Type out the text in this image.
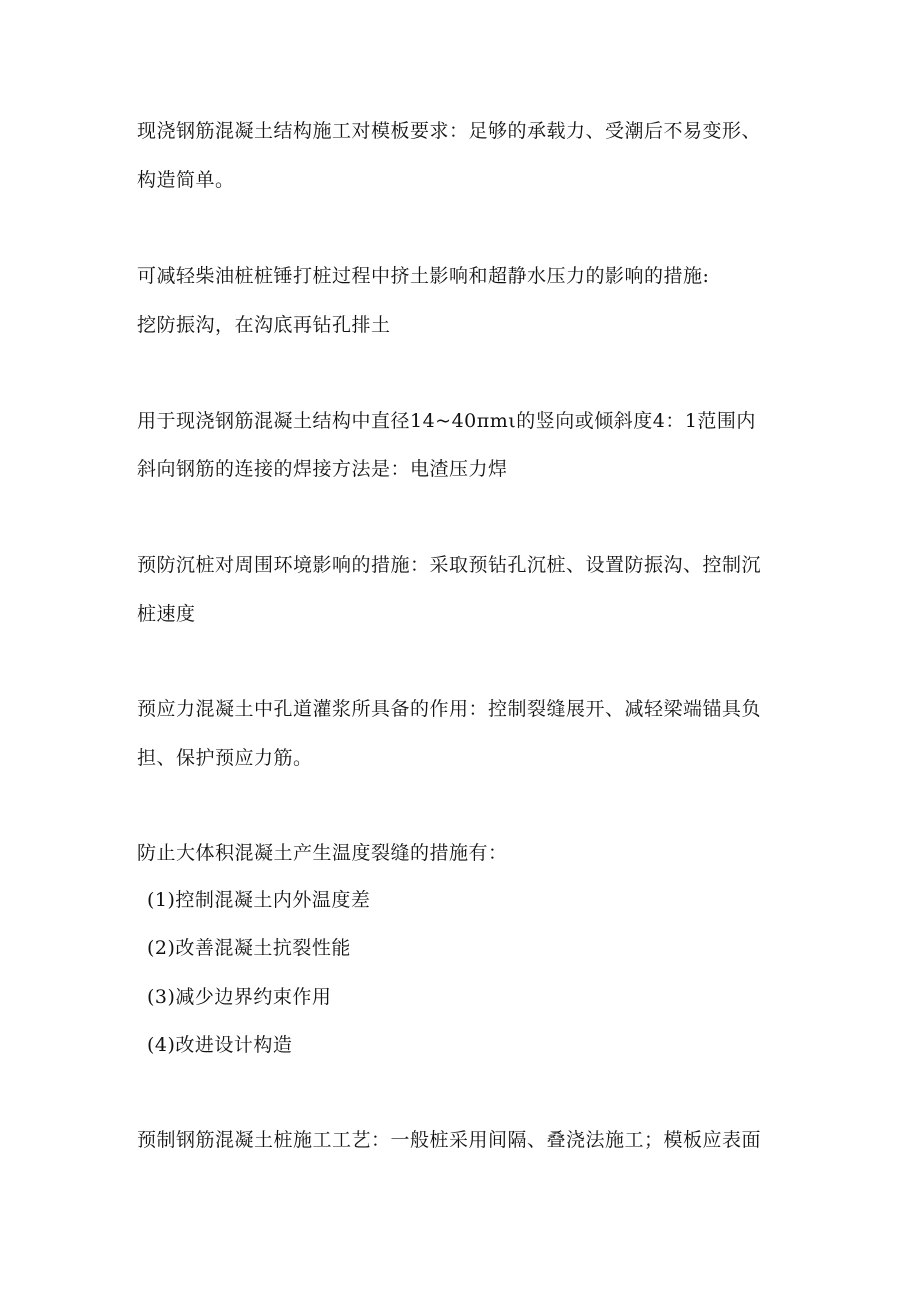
现浇钢筋混凝土结构施工对模板要求：足够的承载力、受潮后不易变形、
构造简单。
可减轻柴油桩桩锤打桩过程中挤土影响和超静水压力的影响的措施:
挖防振沟，在沟底再钻孔排土
用于现浇钢筋混凝土结构中直径14~40πmι的竖向或倾斜度4：1范围内
斜向钢筋的连接的焊接方法是：电渣压力焊
预防沉桩对周围环境影响的措施：采取预钻孔沉桩、设置防振沟、控制沉
桩速度
预应力混凝土中孔道灌浆所具备的作用：控制裂缝展开、减轻梁端锚具负
担、保护预应力筋。
防止大体积混凝土产生温度裂缝的措施有：
(1)控制混凝土内外温度差
(2)改善混凝土抗裂性能
(3)减少边界约束作用
(4)改进设计构造
预制钢筋混凝土桩施工工艺：一般桩采用间隔、叠浇法施工；模板应表面
